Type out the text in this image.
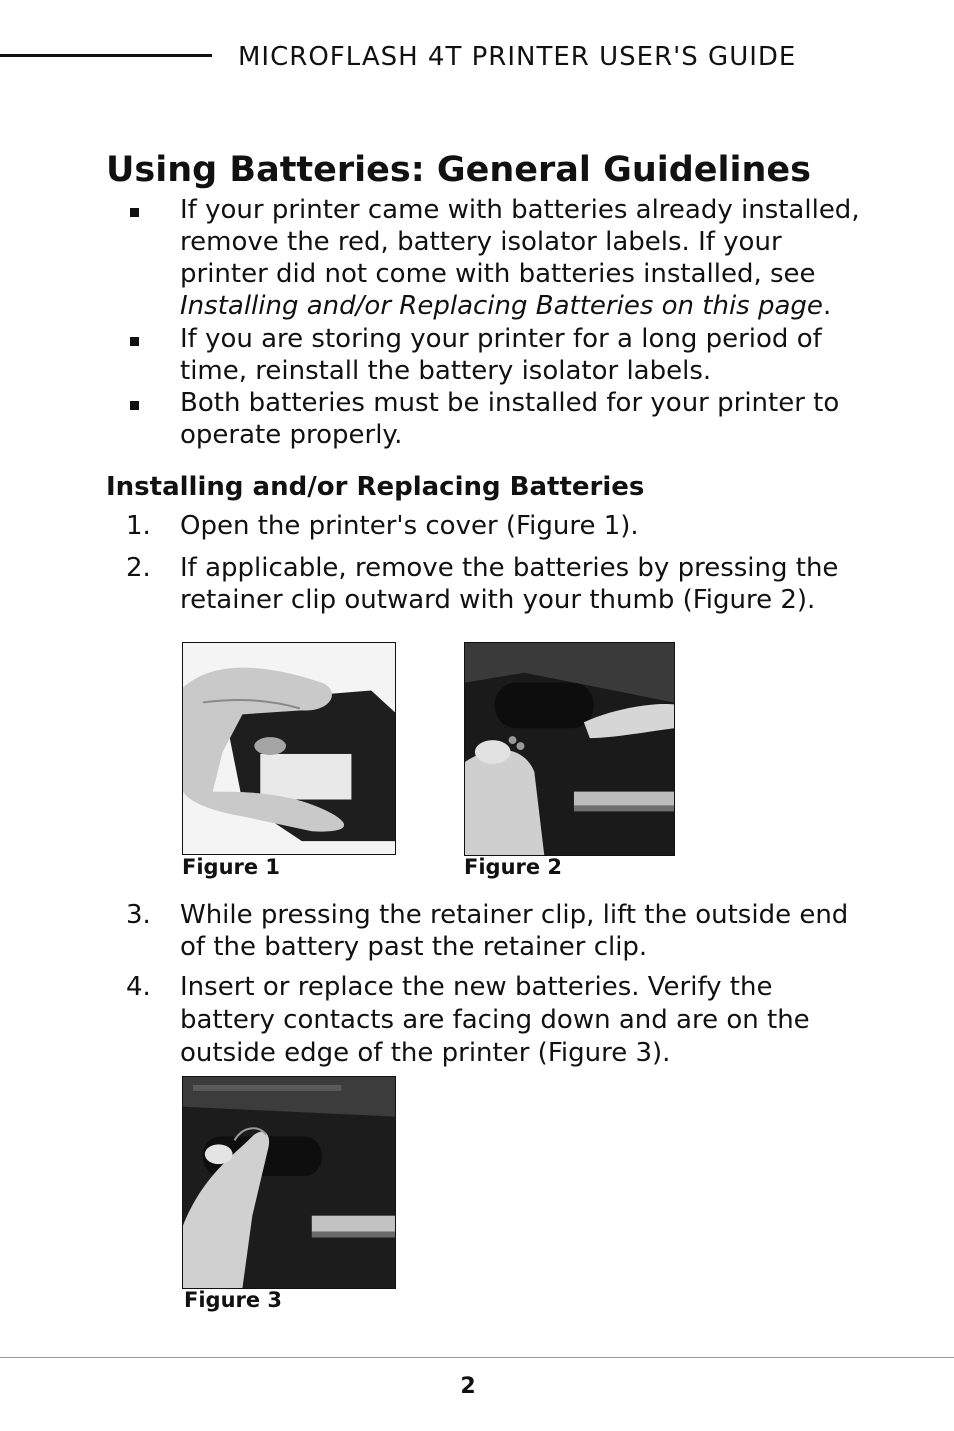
MICROFLASH 4T PRINTER USER'S GUIDE
Using Batteries: General Guidelines
If your printer came with batteries already installed,
remove the red, battery isolator labels. If your
printer did not come with batteries installed, see
Installing and/or Replacing Batteries on this page.
If you are storing your printer for a long period of
time, reinstall the battery isolator labels.
Both batteries must be installed for your printer to
operate properly.
Installing and/or Replacing Batteries
1. Open the printer's cover (Figure 1).
2. If applicable, remove the batteries by pressing the
retainer clip outward with your thumb (Figure 2).
Figure 1	Figure 2
3. While pressing the retainer clip, lift the outside end
of the battery past the retainer clip.
4. Insert or replace the new batteries. Verify the
battery contacts are facing down and are on the
outside edge of the printer (Figure 3).
Figure 3
2
